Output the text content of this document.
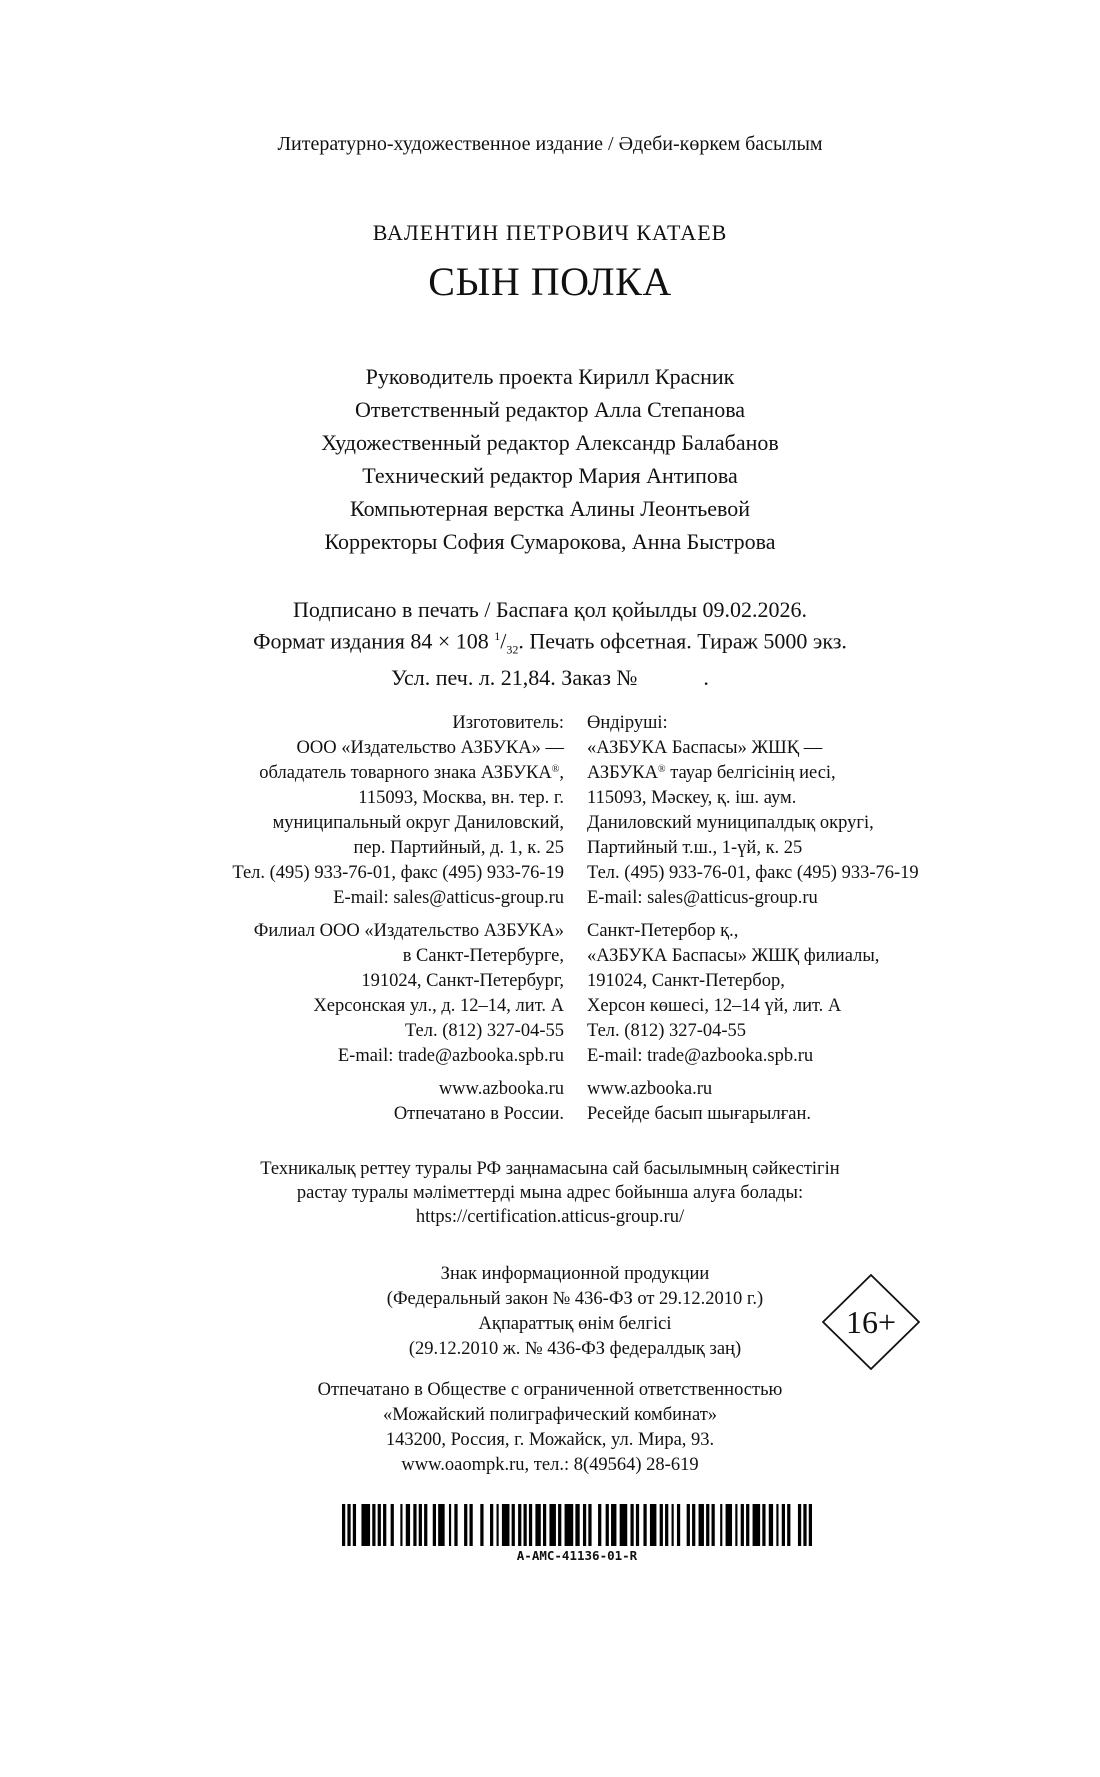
Литературно-художественное издание / Әдеби-көркем басылым
ВАЛЕНТИН ПЕТРОВИЧ КАТАЕВ
СЫН ПОЛКА
Руководитель проекта Кирилл Красник
Ответственный редактор Алла Степанова
Художественный редактор Александр Балабанов
Технический редактор Мария Антипова
Компьютерная верстка Алины Леонтьевой
Корректоры София Сумарокова, Анна Быстрова
Подписано в печать / Баспаға қол қойылды 09.02.2026.
Формат издания 84 × 108 $^1/_{32}$. Печать офсетная. Тираж 5000 экз.
Усл. печ. л. 21,84. Заказ №            .
Изготовитель:
ООО «Издательство АЗБУКА» —
обладатель товарного знака АЗБУКА®,
115093, Москва, вн. тер. г.
муниципальный округ Даниловский,
пер. Партийный, д. 1, к. 25
Тел. (495) 933-76-01, факс (495) 933-76-19
E-mail: sales@atticus-group.ru
Филиал ООО «Издательство АЗБУКА»
в Санкт-Петербурге,
191024, Санкт-Петербург,
Херсонская ул., д. 12–14, лит. А
Тел. (812) 327-04-55
E-mail: trade@azbooka.spb.ru
www.azbooka.ru
Отпечатано в России.
Өндіруші:
«АЗБУКА Баспасы» ЖШҚ —
АЗБУКА® тауар белгісінің иесі,
115093, Мәскеу, қ. іш. аум.
Даниловский муниципалдық округі,
Партийный т.ш., 1-үй, к. 25
Тел. (495) 933-76-01, факс (495) 933-76-19
E-mail: sales@atticus-group.ru
Санкт-Петербор қ.,
«АЗБУКА Баспасы» ЖШҚ филиалы,
191024, Санкт-Петербор,
Херсон көшесі, 12–14 үй, лит. А
Тел. (812) 327-04-55
E-mail: trade@azbooka.spb.ru
www.azbooka.ru
Ресейде басып шығарылған.
Техникалық реттеу туралы РФ заңнамасына сай басылымның сәйкестігін
растау туралы мәліметтерді мына адрес бойынша алуға болады:
https://certification.atticus-group.ru/
Знак информационной продукции
(Федеральный закон № 436-ФЗ от 29.12.2010 г.)
Ақпараттық өнім белгісі
(29.12.2010 ж. № 436-ФЗ федералдық заң)
16+
Отпечатано в Обществе с ограниченной ответственностью
«Можайский полиграфический комбинат»
143200, Россия, г. Можайск, ул. Мира, 93.
www.oaompk.ru, тел.: 8(49564) 28-619
A-AMC-41136-01-R
